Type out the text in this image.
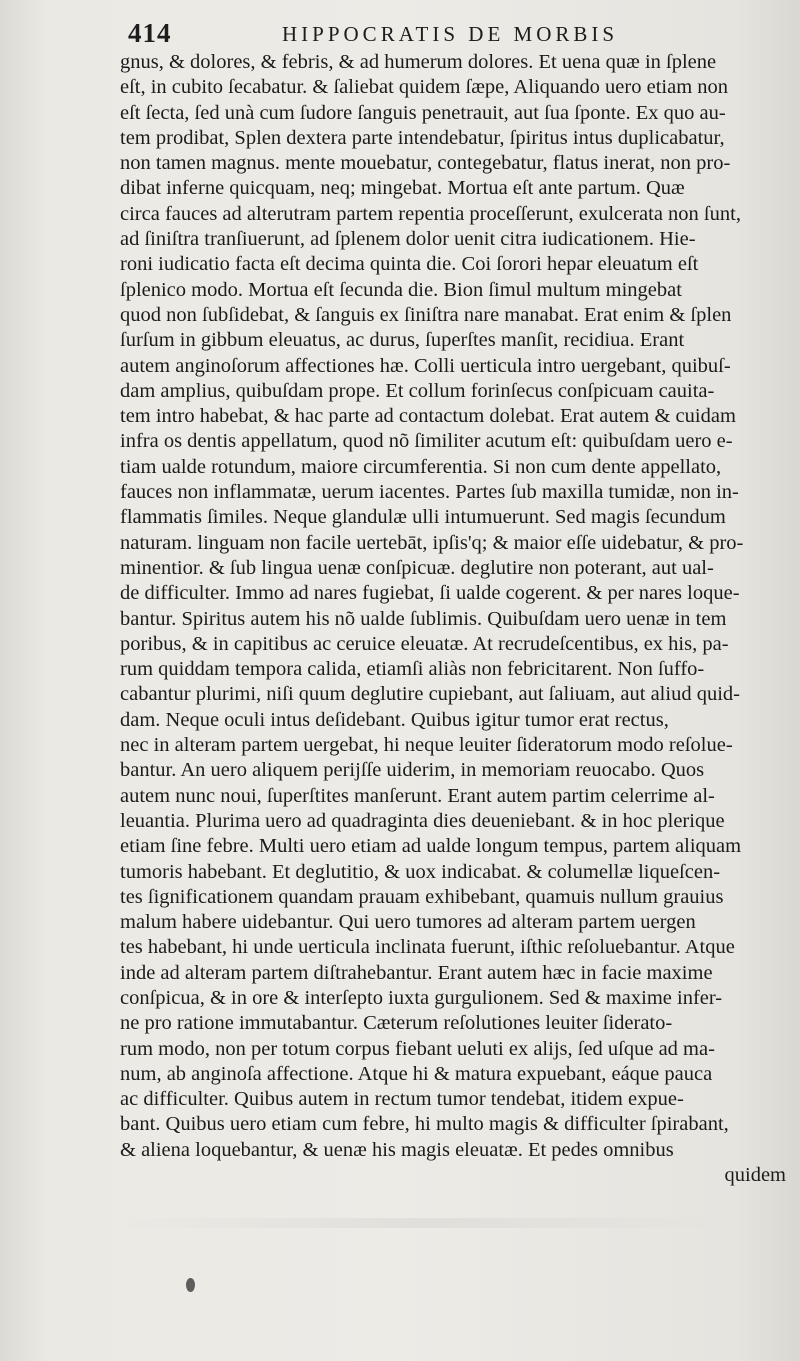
414	HIPPOCRATIS DE MORBIS
gnus, & dolores, & febris, & ad humerum dolores. Et uena quæ in ſplene
eſt, in cubito ſecabatur. & ſaliebat quidem ſæpe, Aliquando uero etiam non
eſt ſecta, ſed unà cum ſudore ſanguis penetrauit, aut ſua ſponte. Ex quo au-
tem prodibat, Splen dextera parte intendebatur, ſpiritus intus duplicabatur,
non tamen magnus. mente mouebatur, contegebatur, flatus inerat, non pro-
dibat inferne quicquam, neq; mingebat. Mortua eſt ante partum. Quæ
circa fauces ad alterutram partem repentia proceſſerunt, exulcerata non ſunt,
ad ſiniſtra tranſiuerunt, ad ſplenem dolor uenit citra iudicationem. Hie-
roni iudicatio facta eſt decima quinta die. Coi ſorori hepar eleuatum eſt
ſplenico modo. Mortua eſt ſecunda die. Bion ſimul multum mingebat
quod non ſubſidebat, & ſanguis ex ſiniſtra nare manabat. Erat enim & ſplen
ſurſum in gibbum eleuatus, ac durus, ſuperſtes manſit, recidiua. Erant
autem anginoſorum affectiones hæ. Colli uerticula intro uergebant, quibuſ-
dam amplius, quibuſdam prope. Et collum forinſecus conſpicuam cauita-
tem intro habebat, & hac parte ad contactum dolebat. Erat autem & cuidam
infra os dentis appellatum, quod nõ ſimiliter acutum eſt: quibuſdam uero e-
tiam ualde rotundum, maiore circumferentia. Si non cum dente appellato,
fauces non inflammatæ, uerum iacentes. Partes ſub maxilla tumidæ, non in-
flammatis ſimiles. Neque glandulæ ulli intumuerunt. Sed magis ſecundum
naturam. linguam non facile uertebāt, ipſis'q; & maior eſſe uidebatur, & pro-
minentior. & ſub lingua uenæ conſpicuæ. deglutire non poterant, aut ual-
de difficulter. Immo ad nares fugiebat, ſi ualde cogerent. & per nares loque-
bantur. Spiritus autem his nõ ualde ſublimis. Quibuſdam uero uenæ in tem
poribus, & in capitibus ac ceruice eleuatæ. At recrudeſcentibus, ex his, pa-
rum quiddam tempora calida, etiamſi aliàs non febricitarent. Non ſuffo-
cabantur plurimi, niſi quum deglutire cupiebant, aut ſaliuam, aut aliud quid-
dam. Neque oculi intus deſidebant. Quibus igitur tumor erat rectus,
nec in alteram partem uergebat, hi neque leuiter ſideratorum modo reſolue-
bantur. An uero aliquem perijſſe uiderim, in memoriam reuocabo. Quos
autem nunc noui, ſuperſtites manſerunt. Erant autem partim celerrime al-
leuantia. Plurima uero ad quadraginta dies deueniebant. & in hoc plerique
etiam ſine febre. Multi uero etiam ad ualde longum tempus, partem aliquam
tumoris habebant. Et deglutitio, & uox indicabat. & columellæ liqueſcen-
tes ſignificationem quandam prauam exhibebant, quamuis nullum grauius
malum habere uidebantur. Qui uero tumores ad alteram partem uergen
tes habebant, hi unde uerticula inclinata fuerunt, iſthic reſoluebantur. Atque
inde ad alteram partem diſtrahebantur. Erant autem hæc in facie maxime
conſpicua, & in ore & interſepto iuxta gurgulionem. Sed & maxime infer-
ne pro ratione immutabantur. Cæterum reſolutiones leuiter ſiderato-
rum modo, non per totum corpus fiebant ueluti ex alijs, ſed uſque ad ma-
num, ab anginoſa affectione. Atque hi & matura expuebant, eáque pauca
ac difficulter. Quibus autem in rectum tumor tendebat, itidem expue-
bant. Quibus uero etiam cum febre, hi multo magis & difficulter ſpirabant,
& aliena loquebantur, & uenæ his magis eleuatæ. Et pedes omnibus
quidem
